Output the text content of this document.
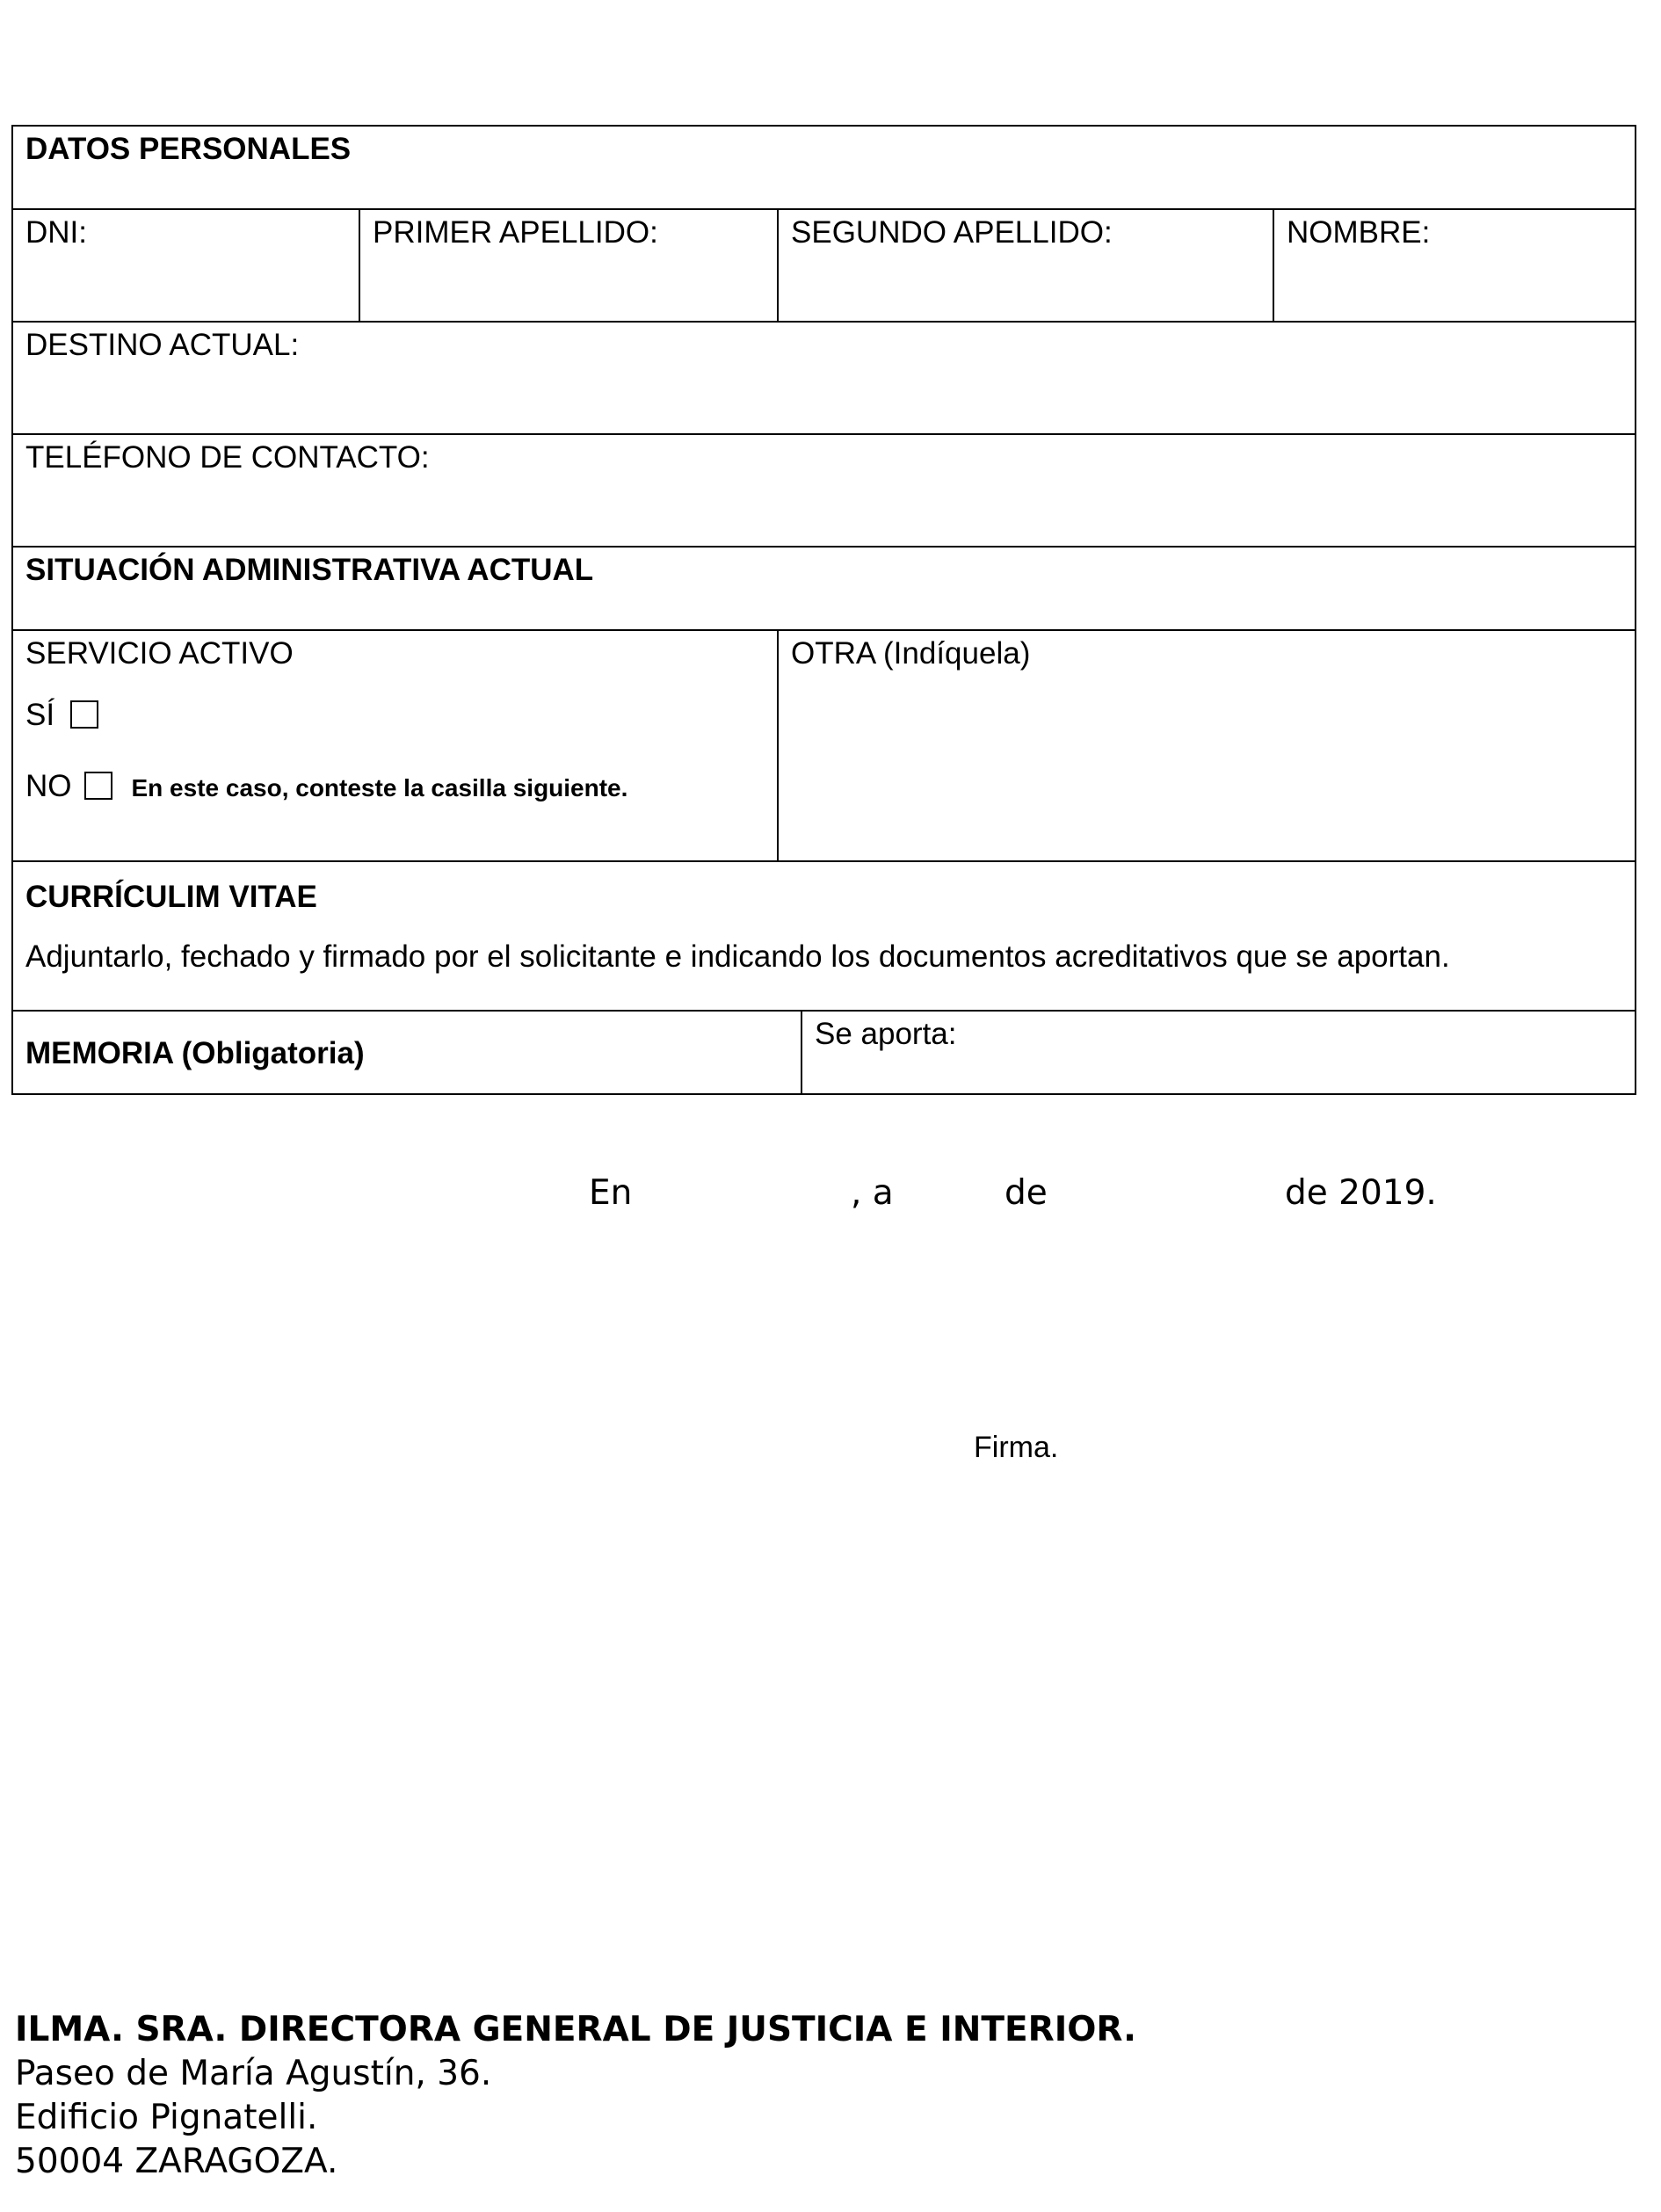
DATOS PERSONALES				

DNI:	PRIMER APELLIDO:	SEGUNDO APELLIDO:		NOMBRE:

DESTINO ACTUAL:				

TELÉFONO DE CONTACTO:				

SITUACIÓN ADMINISTRATIVA ACTUAL				

SERVICIO ACTIVO
SÍ
NO En este caso, conteste la casilla siguiente.		OTRA (Indíquela)		

CURRÍCULIM VITAE
Adjuntarlo, fechado y firmado por el solicitante e indicando los documentos acreditativos que se aportan.				

MEMORIA (Obligatoria)			Se aporta:	
En	, a	de	de 2019.
Firma.
ILMA. SRA. DIRECTORA GENERAL DE JUSTICIA E INTERIOR.
Paseo de María Agustín, 36.
Edificio Pignatelli.
50004 ZARAGOZA.
